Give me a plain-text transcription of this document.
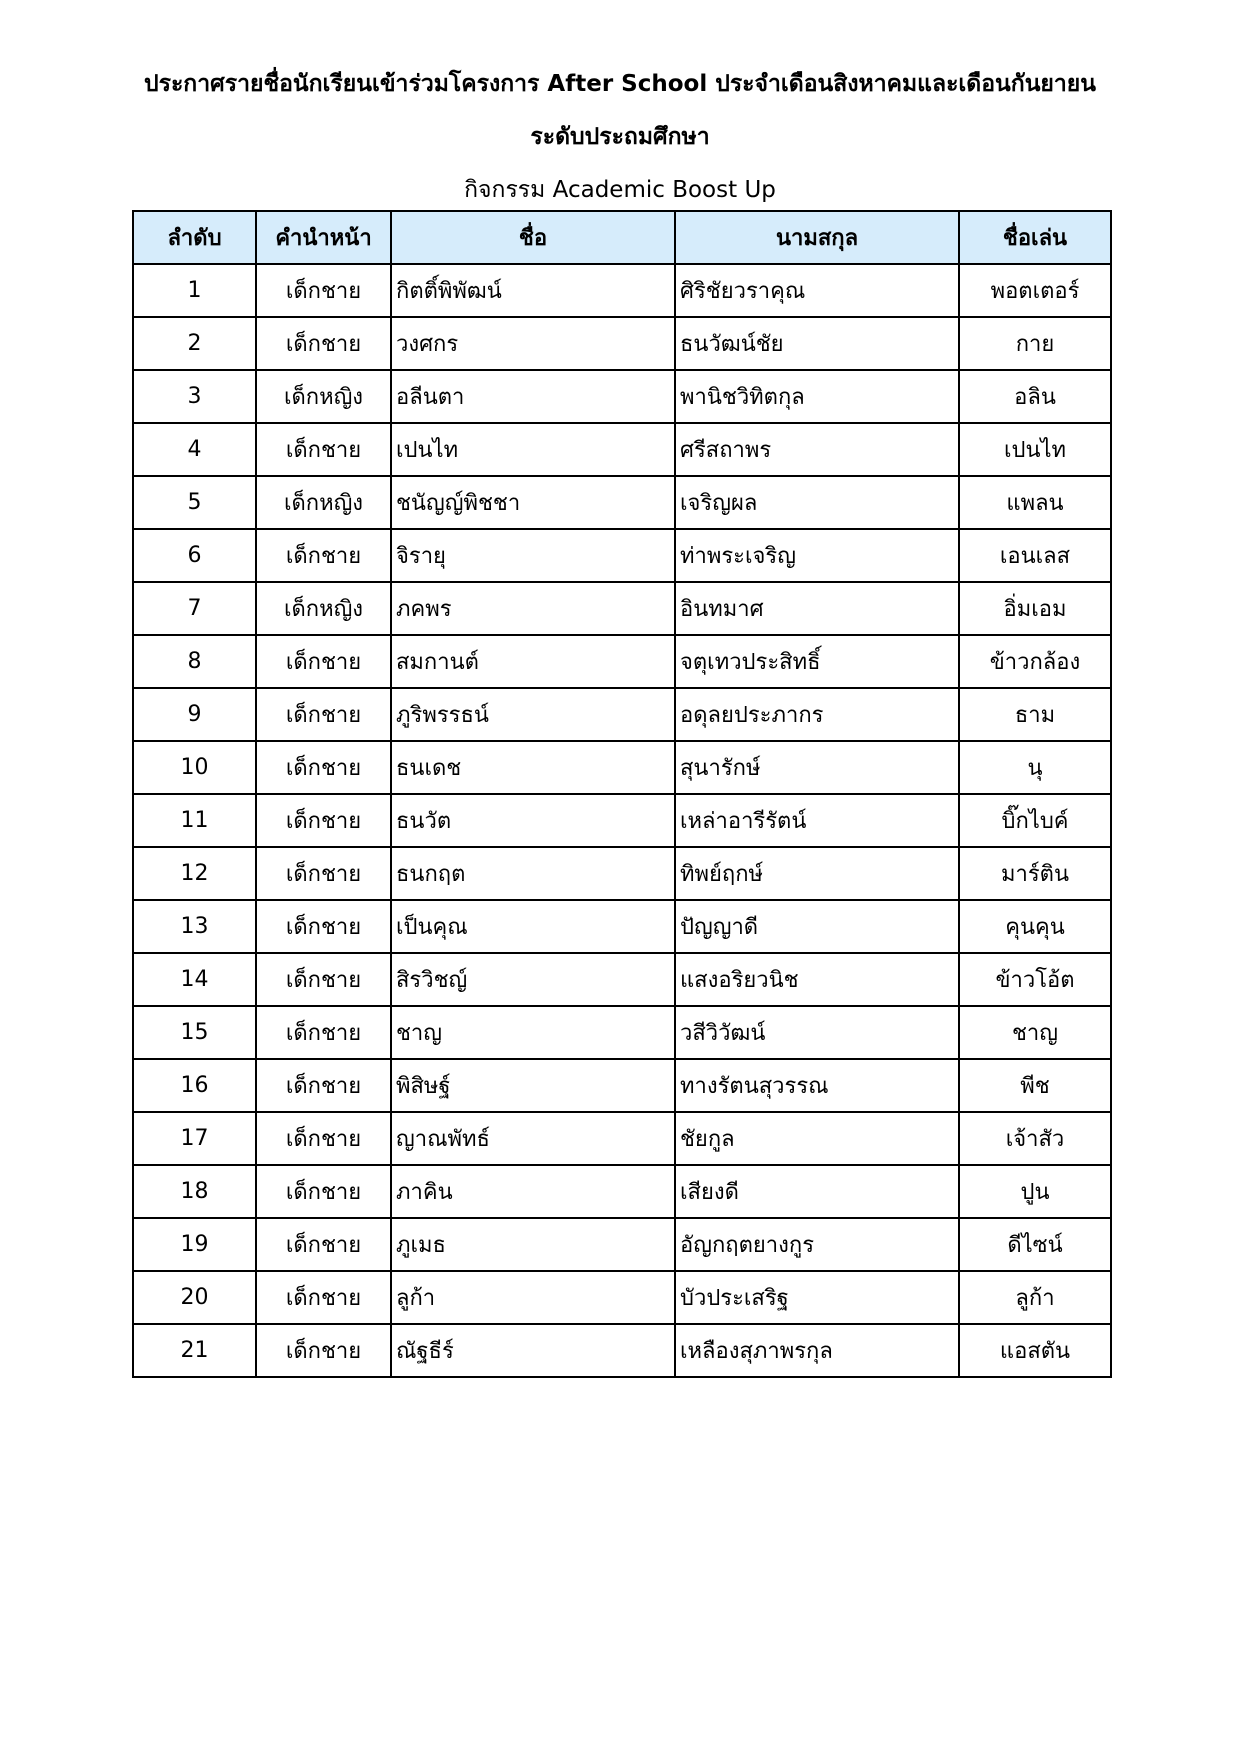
ประกาศรายชื่อนักเรียนเข้าร่วมโครงการ After School ประจำเดือนสิงหาคมและเดือนกันยายน
ระดับประถมศึกษา
กิจกรรม Academic Boost Up
ลำดับ	คำนำหน้า	ชื่อ	นามสกุล	ชื่อเล่น
1	เด็กชาย	กิตติ์พิพัฒน์	ศิริชัยวราคุณ	พอตเตอร์
2	เด็กชาย	วงศกร	ธนวัฒน์ชัย	กาย
3	เด็กหญิง	อลีนตา	พานิชวิทิตกุล	อลิน
4	เด็กชาย	เปนไท	ศรีสถาพร	เปนไท
5	เด็กหญิง	ชนัญญ์พิชชา	เจริญผล	แพลน
6	เด็กชาย	จิรายุ	ท่าพระเจริญ	เอนเลส
7	เด็กหญิง	ภคพร	อินทมาศ	อิ่มเอม
8	เด็กชาย	สมกานต์	จตุเทวประสิทธิ์	ข้าวกล้อง
9	เด็กชาย	ภูริพรรธน์	อดุลยประภากร	ธาม
10	เด็กชาย	ธนเดช	สุนารักษ์	นุ
11	เด็กชาย	ธนวัต	เหล่าอารีรัตน์	บิ๊กไบค์
12	เด็กชาย	ธนกฤต	ทิพย์ฤกษ์	มาร์ติน
13	เด็กชาย	เป็นคุณ	ปัญญาดี	คุนคุน
14	เด็กชาย	สิรวิชญ์	แสงอริยวนิช	ข้าวโอ้ต
15	เด็กชาย	ชาญ	วสีวิวัฒน์	ชาญ
16	เด็กชาย	พิสิษฐ์	ทางรัตนสุวรรณ	พีช
17	เด็กชาย	ญาณพัทธ์	ชัยกูล	เจ้าสัว
18	เด็กชาย	ภาคิน	เสียงดี	ปูน
19	เด็กชาย	ภูเมธ	อัญกฤตยางกูร	ดีไซน์
20	เด็กชาย	ลูก้า	บัวประเสริฐ	ลูก้า
21	เด็กชาย	ณัฐธีร์	เหลืองสุภาพรกุล	แอสตัน
